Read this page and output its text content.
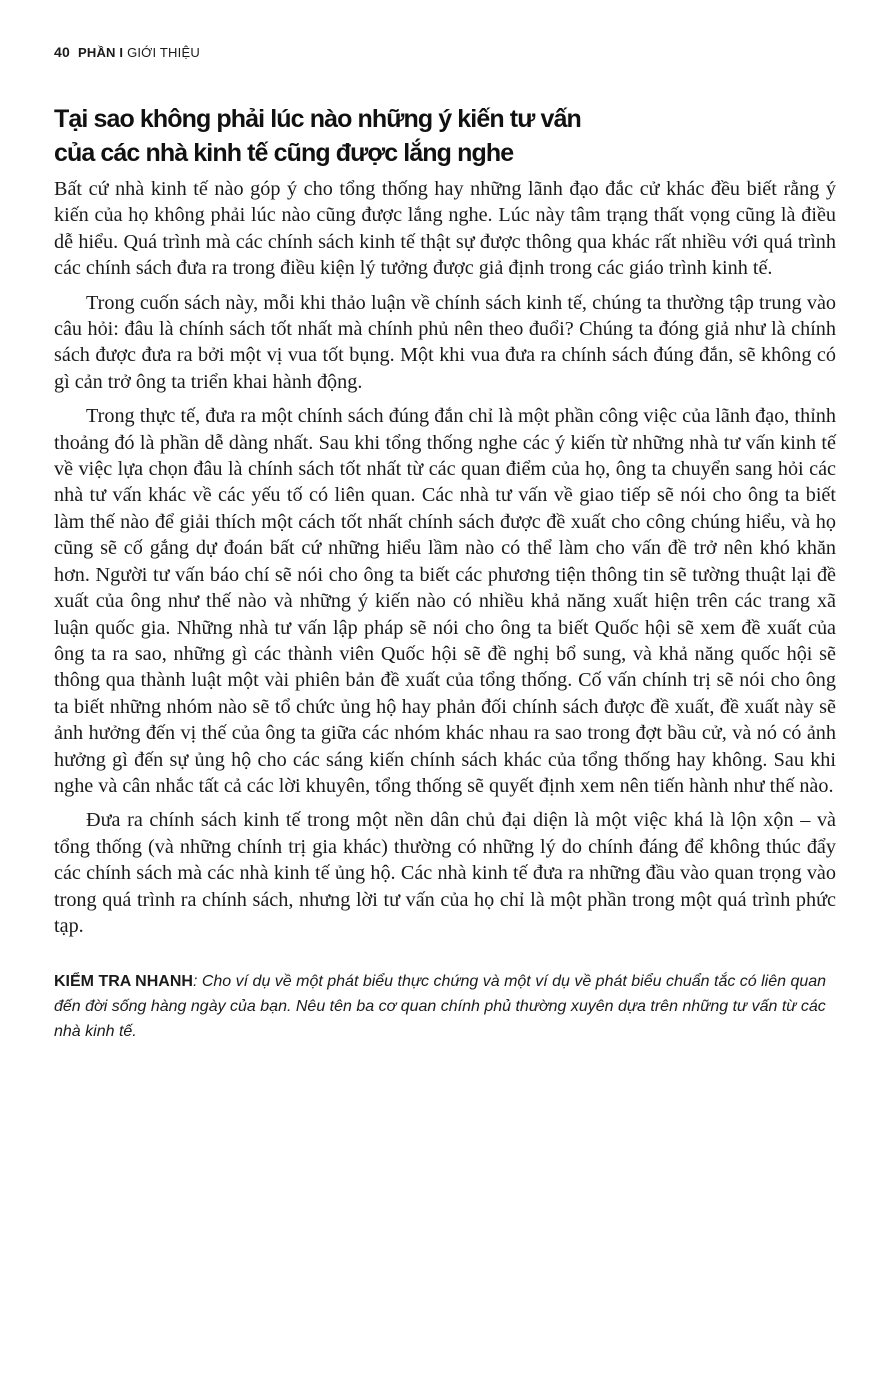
40 PHẦN I GIỚI THIỆU
Tại sao không phải lúc nào những ý kiến tư vấn
của các nhà kinh tế cũng được lắng nghe

Bất cứ nhà kinh tế nào góp ý cho tổng thống hay những lãnh đạo đắc cử khác đều biết rằng ý kiến của họ không phải lúc nào cũng được lắng nghe. Lúc này tâm trạng thất vọng cũng là điều dễ hiểu. Quá trình mà các chính sách kinh tế thật sự được thông qua khác rất nhiều với quá trình các chính sách đưa ra trong điều kiện lý tưởng được giả định trong các giáo trình kinh tế.

Trong cuốn sách này, mỗi khi thảo luận về chính sách kinh tế, chúng ta thường tập trung vào câu hỏi: đâu là chính sách tốt nhất mà chính phủ nên theo đuổi? Chúng ta đóng giả như là chính sách được đưa ra bởi một vị vua tốt bụng. Một khi vua đưa ra chính sách đúng đắn, sẽ không có gì cản trở ông ta triển khai hành động.

Trong thực tế, đưa ra một chính sách đúng đắn chỉ là một phần công việc của lãnh đạo, thỉnh thoảng đó là phần dễ dàng nhất. Sau khi tổng thống nghe các ý kiến từ những nhà tư vấn kinh tế về việc lựa chọn đâu là chính sách tốt nhất từ các quan điểm của họ, ông ta chuyển sang hỏi các nhà tư vấn khác về các yếu tố có liên quan. Các nhà tư vấn về giao tiếp sẽ nói cho ông ta biết làm thế nào để giải thích một cách tốt nhất chính sách được đề xuất cho công chúng hiểu, và họ cũng sẽ cố gắng dự đoán bất cứ những hiểu lầm nào có thể làm cho vấn đề trở nên khó khăn hơn. Người tư vấn báo chí sẽ nói cho ông ta biết các phương tiện thông tin sẽ tường thuật lại đề xuất của ông như thế nào và những ý kiến nào có nhiều khả năng xuất hiện trên các trang xã luận quốc gia. Những nhà tư vấn lập pháp sẽ nói cho ông ta biết Quốc hội sẽ xem đề xuất của ông ta ra sao, những gì các thành viên Quốc hội sẽ đề nghị bổ sung, và khả năng quốc hội sẽ thông qua thành luật một vài phiên bản đề xuất của tổng thống. Cố vấn chính trị sẽ nói cho ông ta biết những nhóm nào sẽ tổ chức ủng hộ hay phản đối chính sách được đề xuất, đề xuất này sẽ ảnh hưởng đến vị thế của ông ta giữa các nhóm khác nhau ra sao trong đợt bầu cử, và nó có ảnh hưởng gì đến sự ủng hộ cho các sáng kiến chính sách khác của tổng thống hay không. Sau khi nghe và cân nhắc tất cả các lời khuyên, tổng thống sẽ quyết định xem nên tiến hành như thế nào.

Đưa ra chính sách kinh tế trong một nền dân chủ đại diện là một việc khá là lộn xộn – và tổng thống (và những chính trị gia khác) thường có những lý do chính đáng để không thúc đẩy các chính sách mà các nhà kinh tế ủng hộ. Các nhà kinh tế đưa ra những đầu vào quan trọng vào trong quá trình ra chính sách, nhưng lời tư vấn của họ chỉ là một phần trong một quá trình phức tạp.

KIỂM TRA NHANH: Cho ví dụ về một phát biểu thực chứng và một ví dụ về phát biểu chuẩn tắc có liên quan đến đời sống hàng ngày của bạn. Nêu tên ba cơ quan chính phủ thường xuyên dựa trên những tư vấn từ các nhà kinh tế.
